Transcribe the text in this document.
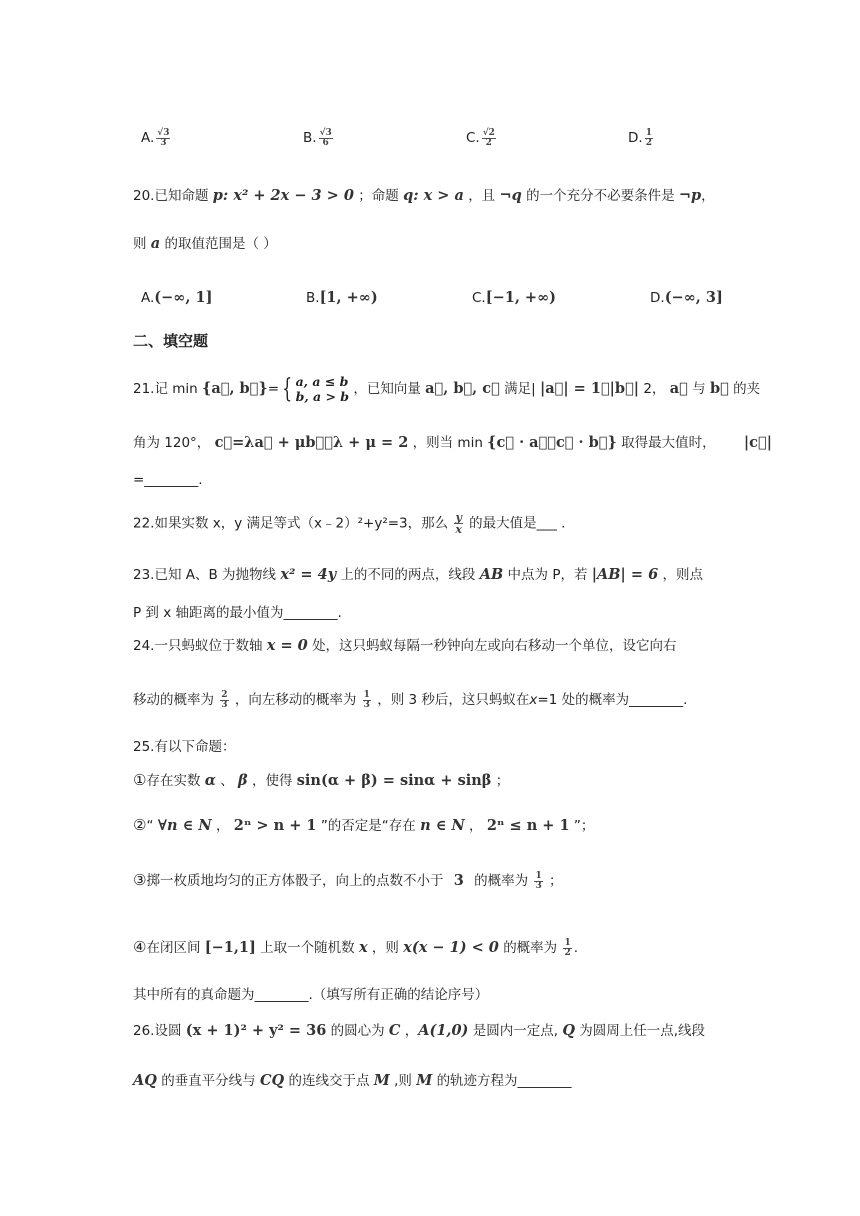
A. $\frac{√3}{3}$	B. $\frac{√3}{6}$	C. $\frac{√2}{2}$	D. $\frac{1}{2}$
20.已知命题 p: x² + 2x − 3 > 0 ；命题 q: x > a ，且 ¬q 的一个充分不必要条件是 ¬p，
则 a 的取值范围是（ ）
A.(−∞, 1]	B.[1, +∞)	C.[−1, +∞)	D.(−∞, 3]
二、填空题
21.记 min {a⃗, b⃗}= { a, a ≤ b
b, a > b ，已知向量 a⃗, b⃗, c⃗ 满足| |a⃗| = 1，|b⃗| 2， a⃗ 与 b⃗ 的夹
角为 120°， c⃗=λa⃗ + μb⃗，λ + μ = 2 ，则当 min {c⃗ · a⃗，c⃗ · b⃗} 取得最大值时， |c⃗|
=________.
22.如果实数 x，y 满足等式（x﹣2）²+y²=3，那么 $\frac{y}{x}$ 的最大值是___ .
23.已知 A、B 为抛物线 x² = 4y 上的不同的两点，线段 AB 中点为 P，若 |AB| = 6 ，则点
P 到 x 轴距离的最小值为________.
24.一只蚂蚁位于数轴 x = 0 处，这只蚂蚁每隔一秒钟向左或向右移动一个单位，设它向右
移动的概率为 $\frac{2}{3}$ ，向左移动的概率为 $\frac{1}{3}$ ，则 3 秒后，这只蚂蚁在x=1 处的概率为________.
25.有以下命题：
①存在实数 α 、 β ，使得 sin(α + β) = sinα + sinβ ；
②“ ∀n ∈ N ， 2ⁿ > n + 1 ”的否定是“存在 n ∈ N ， 2ⁿ ≤ n + 1 ”；
③掷一枚质地均匀的正方体骰子，向上的点数不小于 3 的概率为 $\frac{1}{3}$ ；
④在闭区间 [−1,1] 上取一个随机数 x ，则 x(x − 1) < 0 的概率为 $\frac{1}{2}$ .
其中所有的真命题为________.（填写所有正确的结论序号）
26.设圆 (x + 1)² + y² = 36 的圆心为 C ，A(1,0) 是圆内一定点, Q 为圆周上任一点,线段
AQ 的垂直平分线与 CQ 的连线交于点 M ,则 M 的轨迹方程为________
